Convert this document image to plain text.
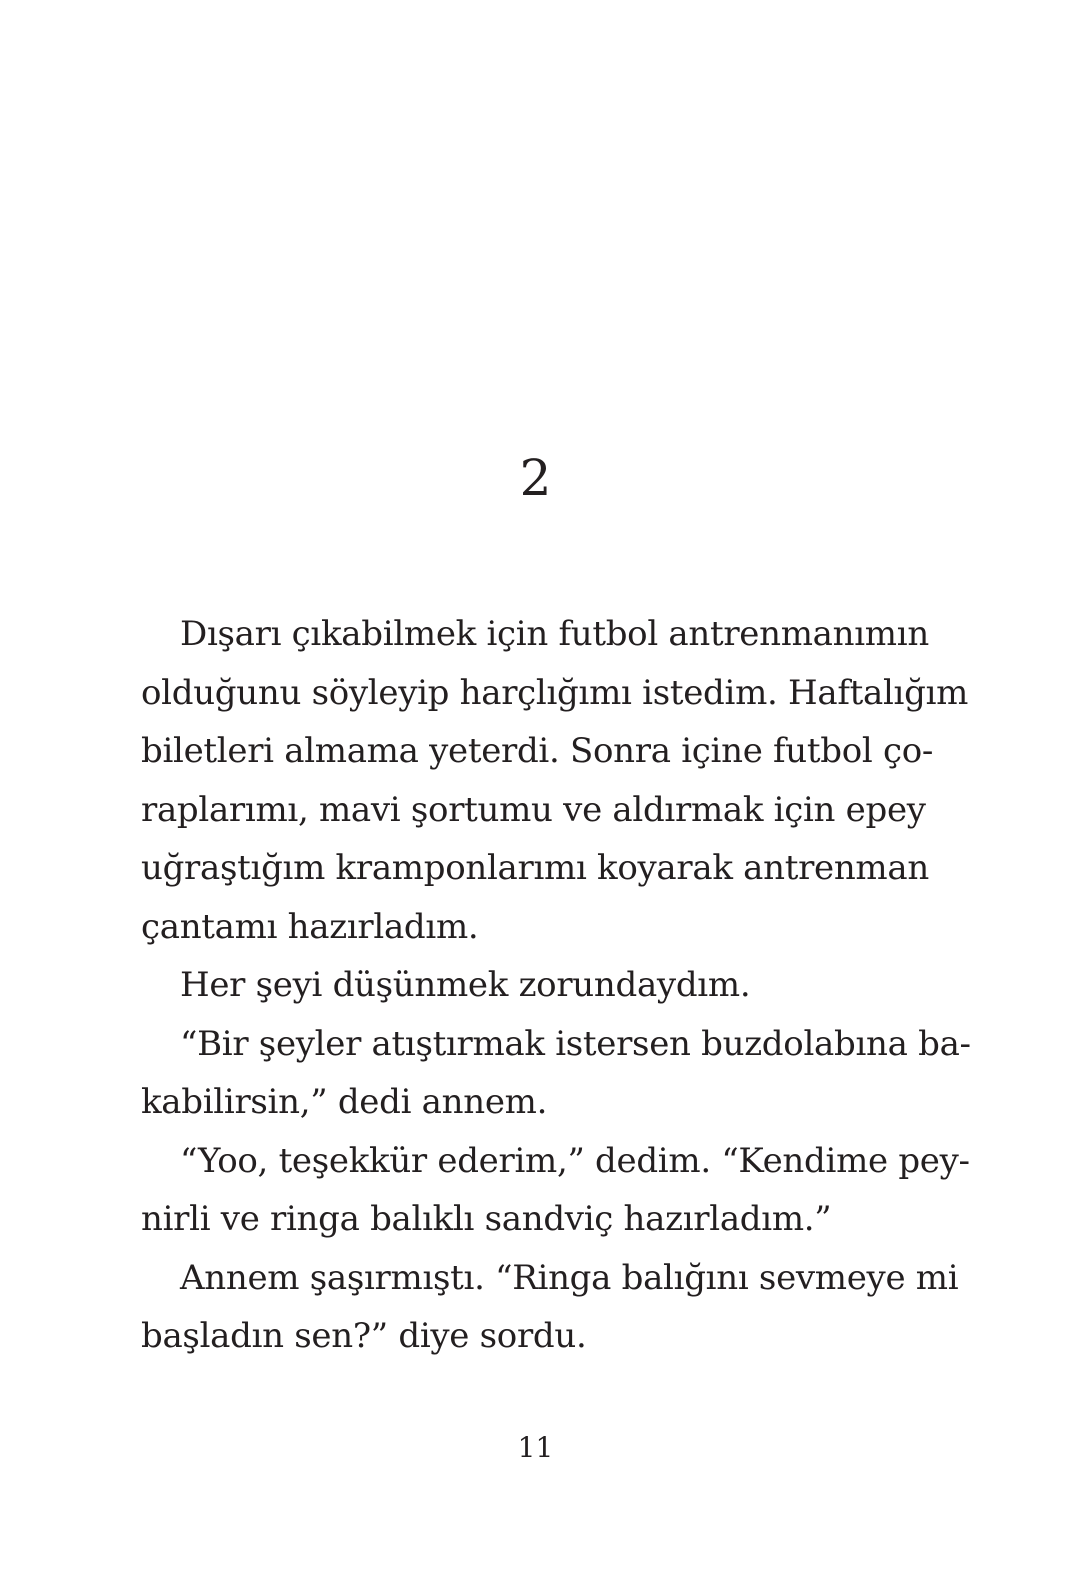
2
Dışarı çıkabilmek için futbol antrenmanımın
olduğunu söyleyip harçlığımı istedim. Haftalığım
biletleri almama yeterdi. Sonra içine futbol ço-
raplarımı, mavi şortumu ve aldırmak için epey
uğraştığım kramponlarımı koyarak antrenman
çantamı hazırladım.
Her şeyi düşünmek zorundaydım.
“Bir şeyler atıştırmak istersen buzdolabına ba-
kabilirsin,” dedi annem.
“Yoo, teşekkür ederim,” dedim. “Kendime pey-
nirli ve ringa balıklı sandviç hazırladım.”
Annem şaşırmıştı. “Ringa balığını sevmeye mi
başladın sen?” diye sordu.
11
